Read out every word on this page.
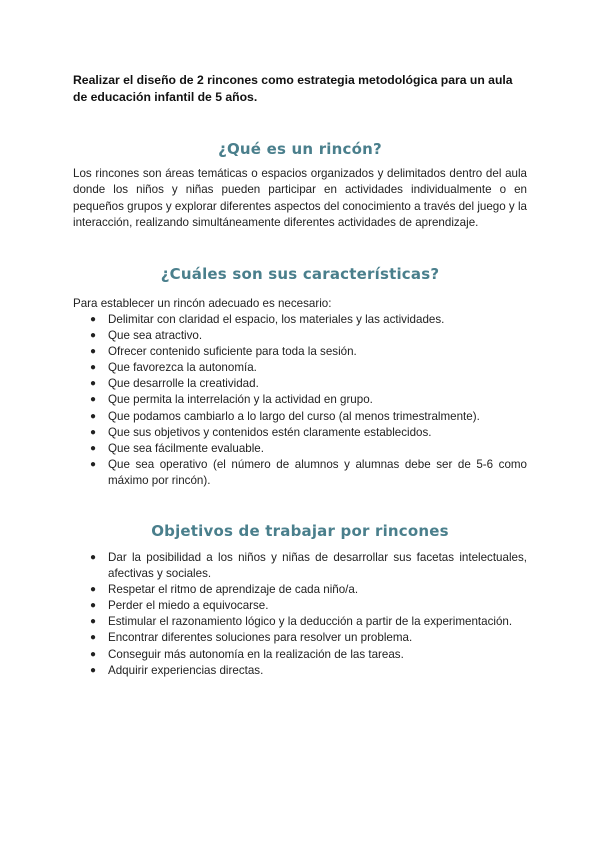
Realizar el diseño de 2 rincones como estrategia metodológica para un aula de educación infantil de 5 años.

¿Qué es un rincón?

Los rincones son áreas temáticas o espacios organizados y delimitados dentro del aula donde los niños y niñas pueden participar en actividades individualmente o en pequeños grupos y explorar diferentes aspectos del conocimiento a través del juego y la interacción, realizando simultáneamente diferentes actividades de aprendizaje.

¿Cuáles son sus características?

Para establecer un rincón adecuado es necesario:

● Delimitar con claridad el espacio, los materiales y las actividades.
● Que sea atractivo.
● Ofrecer contenido suficiente para toda la sesión.
● Que favorezca la autonomía.
● Que desarrolle la creatividad.
● Que permita la interrelación y la actividad en grupo.
● Que podamos cambiarlo a lo largo del curso (al menos trimestralmente).
● Que sus objetivos y contenidos estén claramente establecidos.
● Que sea fácilmente evaluable.
● Que sea operativo (el número de alumnos y alumnas debe ser de 5-6 como máximo por rincón).
Objetivos de trabajar por rincones
● Dar la posibilidad a los niños y niñas de desarrollar sus facetas intelectuales, afectivas y sociales.
● Respetar el ritmo de aprendizaje de cada niño/a.
● Perder el miedo a equivocarse.
● Estimular el razonamiento lógico y la deducción a partir de la experimentación.
● Encontrar diferentes soluciones para resolver un problema.
● Conseguir más autonomía en la realización de las tareas.
● Adquirir experiencias directas.
